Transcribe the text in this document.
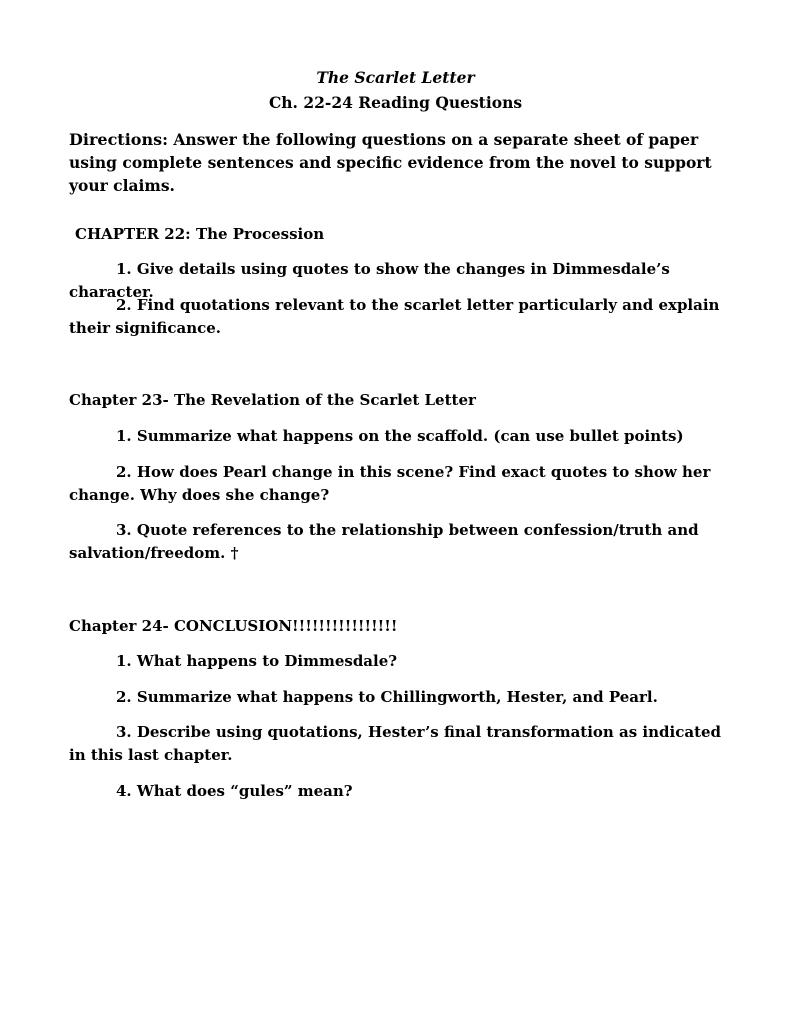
The Scarlet Letter
Ch. 22-24 Reading Questions
Directions: Answer the following questions on a separate sheet of paper using complete sentences and specific evidence from the novel to support your claims.
CHAPTER 22: The Procession
1. Give details using quotes to show the changes in Dimmesdale’s character.
2. Find quotations relevant to the scarlet letter particularly and explain their significance.
Chapter 23- The Revelation of the Scarlet Letter
1. Summarize what happens on the scaffold. (can use bullet points)
2. How does Pearl change in this scene? Find exact quotes to show her change. Why does she change?
3. Quote references to the relationship between confession/truth and salvation/freedom. †
Chapter 24- CONCLUSION!!!!!!!!!!!!!!!!
1. What happens to Dimmesdale?
2. Summarize what happens to Chillingworth, Hester, and Pearl.
3. Describe using quotations, Hester’s final transformation as indicated in this last chapter.
4. What does “gules” mean?
